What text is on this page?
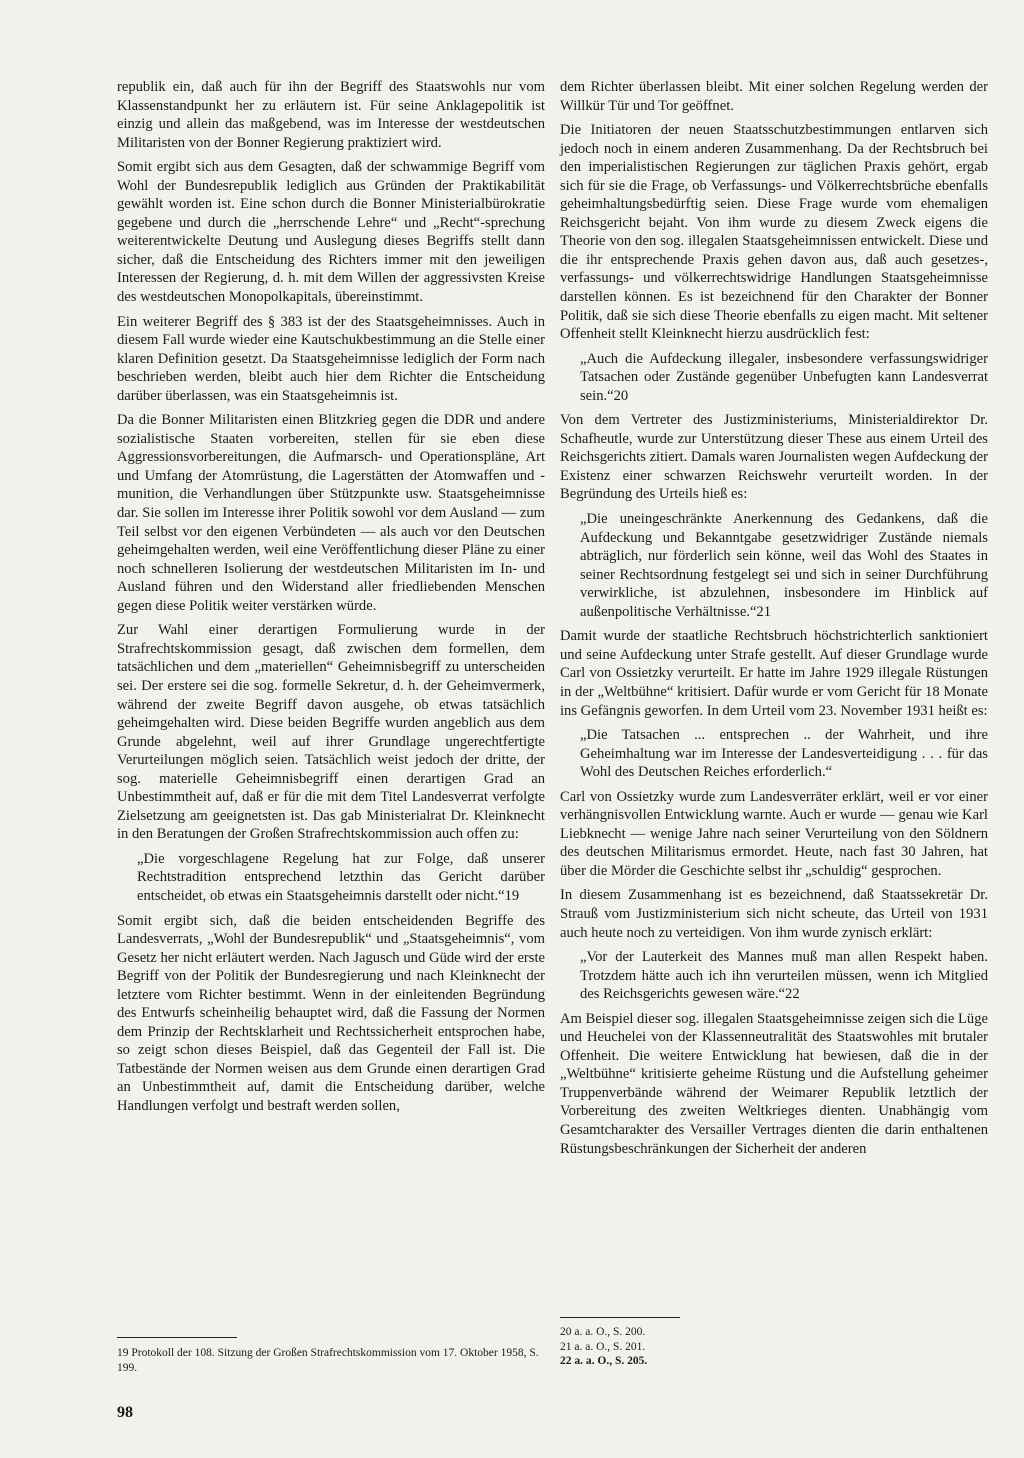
republik ein, daß auch für ihn der Begriff des Staatswohls nur vom Klassenstandpunkt her zu erläutern ist. Für seine Anklagepolitik ist einzig und allein das maßgebend, was im Interesse der westdeutschen Militaristen von der Bonner Regierung praktiziert wird.

Somit ergibt sich aus dem Gesagten, daß der schwammige Begriff vom Wohl der Bundesrepublik lediglich aus Gründen der Praktikabilität gewählt worden ist. Eine schon durch die Bonner Ministerialbürokratie gegebene und durch die „herrschende Lehre“ und „Recht“-sprechung weiterentwickelte Deutung und Auslegung dieses Begriffs stellt dann sicher, daß die Entscheidung des Richters immer mit den jeweiligen Interessen der Regierung, d. h. mit dem Willen der aggressivsten Kreise des westdeutschen Monopolkapitals, übereinstimmt.

Ein weiterer Begriff des § 383 ist der des Staatsgeheimnisses. Auch in diesem Fall wurde wieder eine Kautschukbestimmung an die Stelle einer klaren Definition gesetzt. Da Staatsgeheimnisse lediglich der Form nach beschrieben werden, bleibt auch hier dem Richter die Entscheidung darüber überlassen, was ein Staatsgeheimnis ist.

Da die Bonner Militaristen einen Blitzkrieg gegen die DDR und andere sozialistische Staaten vorbereiten, stellen für sie eben diese Aggressionsvorbereitungen, die Aufmarsch- und Operationspläne, Art und Umfang der Atomrüstung, die Lagerstätten der Atomwaffen und -munition, die Verhandlungen über Stützpunkte usw. Staatsgeheimnisse dar. Sie sollen im Interesse ihrer Politik sowohl vor dem Ausland — zum Teil selbst vor den eigenen Verbündeten — als auch vor den Deutschen geheimgehalten werden, weil eine Veröffentlichung dieser Pläne zu einer noch schnelleren Isolierung der westdeutschen Militaristen im In- und Ausland führen und den Widerstand aller friedliebenden Menschen gegen diese Politik weiter verstärken würde.

Zur Wahl einer derartigen Formulierung wurde in der Strafrechtskommission gesagt, daß zwischen dem formellen, dem tatsächlichen und dem „materiellen“ Geheimnisbegriff zu unterscheiden sei. Der erstere sei die sog. formelle Sekretur, d. h. der Geheimvermerk, während der zweite Begriff davon ausgehe, ob etwas tatsächlich geheimgehalten wird. Diese beiden Begriffe wurden angeblich aus dem Grunde abgelehnt, weil auf ihrer Grundlage ungerechtfertigte Verurteilungen möglich seien. Tatsächlich weist jedoch der dritte, der sog. materielle Geheimnisbegriff einen derartigen Grad an Unbestimmtheit auf, daß er für die mit dem Titel Landesverrat verfolgte Zielsetzung am geeignetsten ist. Das gab Ministerialrat Dr. Kleinknecht in den Beratungen der Großen Strafrechtskommission auch offen zu:

„Die vorgeschlagene Regelung hat zur Folge, daß unserer Rechtstradition entsprechend letzthin das Gericht darüber entscheidet, ob etwas ein Staatsgeheimnis darstellt oder nicht.“19

Somit ergibt sich, daß die beiden entscheidenden Begriffe des Landesverrats, „Wohl der Bundesrepublik“ und „Staatsgeheimnis“, vom Gesetz her nicht erläutert werden. Nach Jagusch und Güde wird der erste Begriff von der Politik der Bundesregierung und nach Kleinknecht der letztere vom Richter bestimmt. Wenn in der einleitenden Begründung des Entwurfs scheinheilig behauptet wird, daß die Fassung der Normen dem Prinzip der Rechtsklarheit und Rechtssicherheit entsprochen habe, so zeigt schon dieses Beispiel, daß das Gegenteil der Fall ist. Die Tatbestände der Normen weisen aus dem Grunde einen derartigen Grad an Unbestimmtheit auf, damit die Entscheidung darüber, welche Handlungen verfolgt und bestraft werden sollen,

dem Richter überlassen bleibt. Mit einer solchen Regelung werden der Willkür Tür und Tor geöffnet.

Die Initiatoren der neuen Staatsschutzbestimmungen entlarven sich jedoch noch in einem anderen Zusammenhang. Da der Rechtsbruch bei den imperialistischen Regierungen zur täglichen Praxis gehört, ergab sich für sie die Frage, ob Verfassungs- und Völkerrechtsbrüche ebenfalls geheimhaltungsbedürftig seien. Diese Frage wurde vom ehemaligen Reichsgericht bejaht. Von ihm wurde zu diesem Zweck eigens die Theorie von den sog. illegalen Staatsgeheimnissen entwickelt. Diese und die ihr entsprechende Praxis gehen davon aus, daß auch gesetzes-, verfassungs- und völkerrechtswidrige Handlungen Staatsgeheimnisse darstellen können. Es ist bezeichnend für den Charakter der Bonner Politik, daß sie sich diese Theorie ebenfalls zu eigen macht. Mit seltener Offenheit stellt Kleinknecht hierzu ausdrücklich fest:

„Auch die Aufdeckung illegaler, insbesondere verfassungswidriger Tatsachen oder Zustände gegenüber Unbefugten kann Landesverrat sein.“20

Von dem Vertreter des Justizministeriums, Ministerialdirektor Dr. Schafheutle, wurde zur Unterstützung dieser These aus einem Urteil des Reichsgerichts zitiert. Damals waren Journalisten wegen Aufdeckung der Existenz einer schwarzen Reichswehr verurteilt worden. In der Begründung des Urteils hieß es:

„Die uneingeschränkte Anerkennung des Gedankens, daß die Aufdeckung und Bekanntgabe gesetzwidriger Zustände niemals abträglich, nur förderlich sein könne, weil das Wohl des Staates in seiner Rechtsordnung festgelegt sei und sich in seiner Durchführung verwirkliche, ist abzulehnen, insbesondere im Hinblick auf außenpolitische Verhältnisse.“21

Damit wurde der staatliche Rechtsbruch höchstrichterlich sanktioniert und seine Aufdeckung unter Strafe gestellt. Auf dieser Grundlage wurde Carl von Ossietzky verurteilt. Er hatte im Jahre 1929 illegale Rüstungen in der „Weltbühne“ kritisiert. Dafür wurde er vom Gericht für 18 Monate ins Gefängnis geworfen. In dem Urteil vom 23. November 1931 heißt es:

„Die Tatsachen ... entsprechen .. der Wahrheit, und ihre Geheimhaltung war im Interesse der Landesverteidigung . . . für das Wohl des Deutschen Reiches erforderlich.“

Carl von Ossietzky wurde zum Landesverräter erklärt, weil er vor einer verhängnisvollen Entwicklung warnte. Auch er wurde — genau wie Karl Liebknecht — wenige Jahre nach seiner Verurteilung von den Söldnern des deutschen Militarismus ermordet. Heute, nach fast 30 Jahren, hat über die Mörder die Geschichte selbst ihr „schuldig“ gesprochen.

In diesem Zusammenhang ist es bezeichnend, daß Staatssekretär Dr. Strauß vom Justizministerium sich nicht scheute, das Urteil von 1931 auch heute noch zu verteidigen. Von ihm wurde zynisch erklärt:

„Vor der Lauterkeit des Mannes muß man allen Respekt haben. Trotzdem hätte auch ich ihn verurteilen müssen, wenn ich Mitglied des Reichsgerichts gewesen wäre.“22

Am Beispiel dieser sog. illegalen Staatsgeheimnisse zeigen sich die Lüge und Heuchelei von der Klassenneutralität des Staatswohles mit brutaler Offenheit. Die weitere Entwicklung hat bewiesen, daß die in der „Weltbühne“ kritisierte geheime Rüstung und die Aufstellung geheimer Truppenverbände während der Weimarer Republik letztlich der Vorbereitung des zweiten Weltkrieges dienten. Unabhängig vom Gesamtcharakter des Versailler Vertrages dienten die darin enthaltenen Rüstungsbeschränkungen der Sicherheit der anderen

20 a. a. O., S. 200.

21 a. a. O., S. 201.

22 a. a. O., S. 205.

19 Protokoll der 108. Sitzung der Großen Strafrechtskommission vom 17. Oktober 1958, S. 199.

98
